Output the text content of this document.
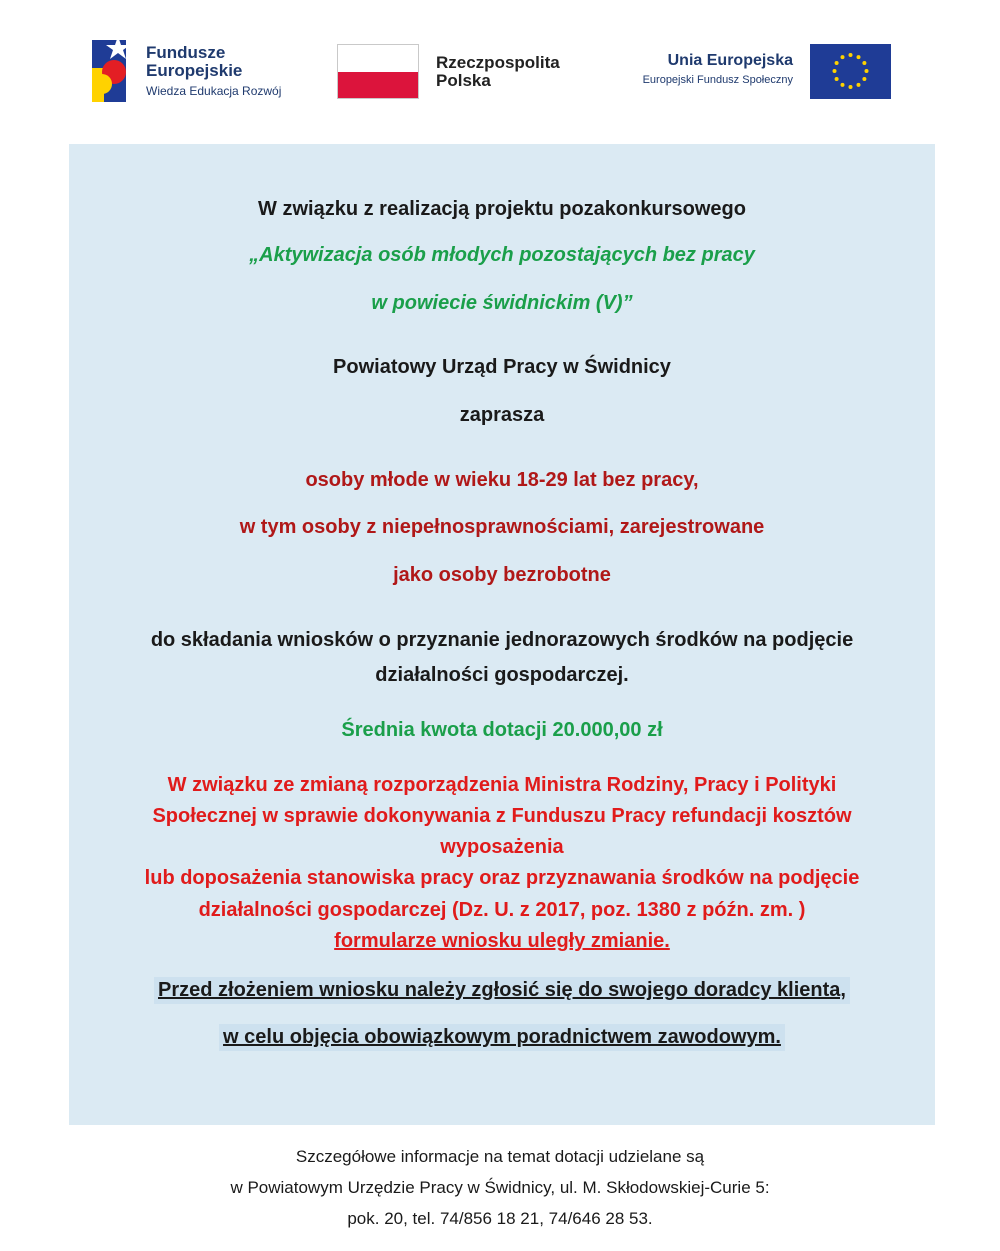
Fundusze
Europejskie
Wiedza Edukacja Rozwój
Rzeczpospolita
Polska
Unia Europejska
Europejski Fundusz Społeczny
W związku z realizacją projektu pozakonkursowego
„Aktywizacja osób młodych pozostających bez pracy
w powiecie świdnickim (V)”
Powiatowy Urząd Pracy w Świdnicy
zaprasza
osoby młode w wieku 18-29 lat bez pracy,
w tym osoby z niepełnosprawnościami, zarejestrowane
jako osoby bezrobotne
do składania wniosków o przyznanie jednorazowych środków na podjęcie
działalności gospodarczej.
Średnia kwota dotacji 20.000,00 zł
W związku ze zmianą rozporządzenia Ministra Rodziny, Pracy i Polityki
Społecznej w sprawie dokonywania z Funduszu Pracy refundacji kosztów
wyposażenia
lub doposażenia stanowiska pracy oraz przyznawania środków na podjęcie
działalności gospodarczej (Dz. U. z 2017, poz. 1380 z późn. zm. )
formularze wniosku uległy zmianie.
Przed złożeniem wniosku należy zgłosić się do swojego doradcy klienta,
w celu objęcia obowiązkowym poradnictwem zawodowym.
Szczegółowe informacje na temat dotacji udzielane są
w Powiatowym Urzędzie Pracy w Świdnicy, ul. M. Skłodowskiej-Curie 5:
pok. 20, tel. 74/856 18 21, 74/646 28 53.
